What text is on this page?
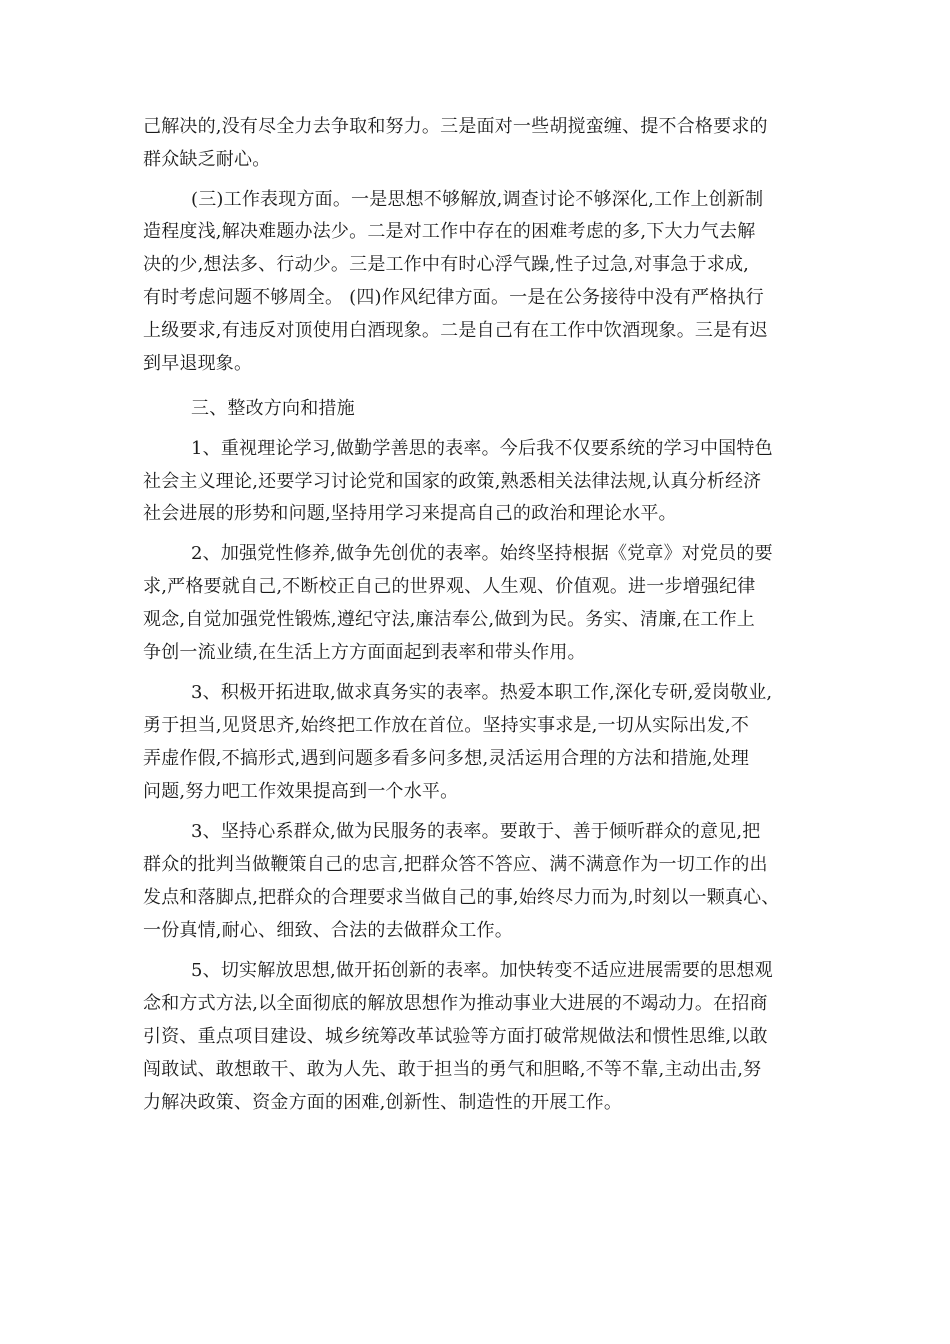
己解决的,没有尽全力去争取和努力。三是面对一些胡搅蛮缠、提不合格要求的

群众缺乏耐心。

(三)工作表现方面。一是思想不够解放,调查讨论不够深化,工作上创新制

造程度浅,解决难题办法少。二是对工作中存在的困难考虑的多,下大力气去解

决的少,想法多、行动少。三是工作中有时心浮气躁,性子过急,对事急于求成,

有时考虑问题不够周全。 (四)作风纪律方面。一是在公务接待中没有严格执行

上级要求,有违反对顶使用白酒现象。二是自己有在工作中饮酒现象。三是有迟

到早退现象。

三、整改方向和措施

1、重视理论学习,做勤学善思的表率。今后我不仅要系统的学习中国特色

社会主义理论,还要学习讨论党和国家的政策,熟悉相关法律法规,认真分析经济

社会进展的形势和问题,坚持用学习来提高自己的政治和理论水平。

2、加强党性修养,做争先创优的表率。始终坚持根据《党章》对党员的要

求,严格要就自己,不断校正自己的世界观、人生观、价值观。进一步增强纪律

观念,自觉加强党性锻炼,遵纪守法,廉洁奉公,做到为民。务实、清廉,在工作上

争创一流业绩,在生活上方方面面起到表率和带头作用。

3、积极开拓进取,做求真务实的表率。热爱本职工作,深化专研,爱岗敬业,

勇于担当,见贤思齐,始终把工作放在首位。坚持实事求是,一切从实际出发,不

弄虚作假,不搞形式,遇到问题多看多问多想,灵活运用合理的方法和措施,处理

问题,努力吧工作效果提高到一个水平。

3、坚持心系群众,做为民服务的表率。要敢于、善于倾听群众的意见,把

群众的批判当做鞭策自己的忠言,把群众答不答应、满不满意作为一切工作的出

发点和落脚点,把群众的合理要求当做自己的事,始终尽力而为,时刻以一颗真心、

一份真情,耐心、细致、合法的去做群众工作。

5、切实解放思想,做开拓创新的表率。加快转变不适应进展需要的思想观

念和方式方法,以全面彻底的解放思想作为推动事业大进展的不竭动力。在招商

引资、重点项目建设、城乡统筹改革试验等方面打破常规做法和惯性思维,以敢

闯敢试、敢想敢干、敢为人先、敢于担当的勇气和胆略,不等不靠,主动出击,努

力解决政策、资金方面的困难,创新性、制造性的开展工作。
